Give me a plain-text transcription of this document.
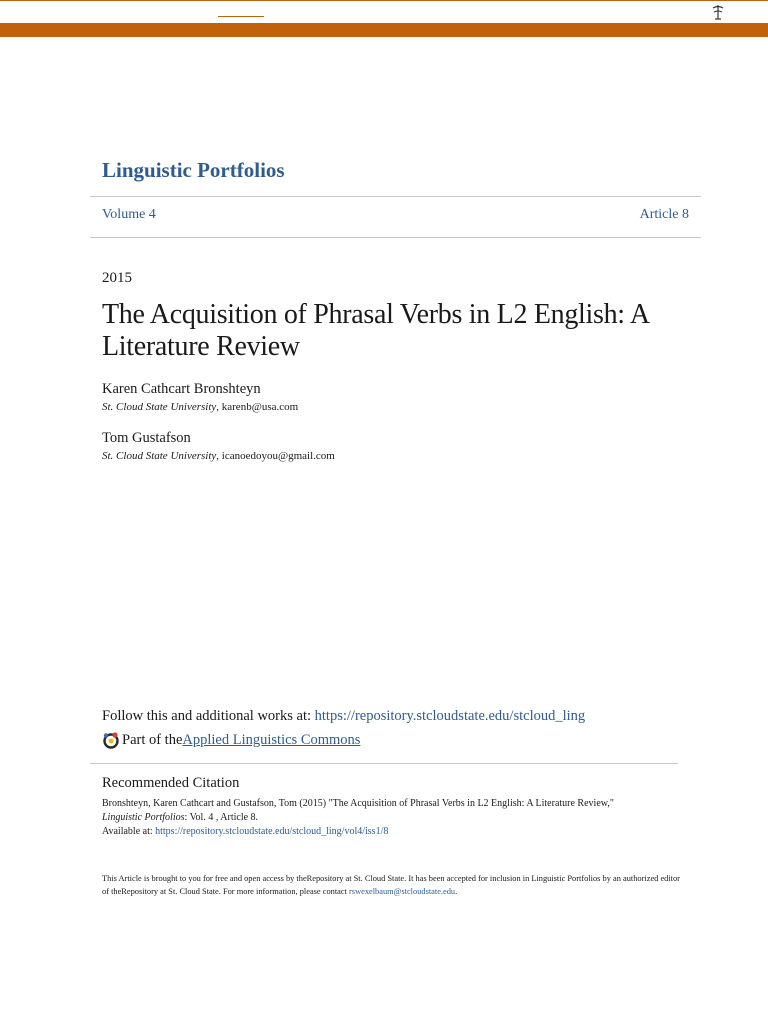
Linguistic Portfolios
Volume 4	Article 8
2015
The Acquisition of Phrasal Verbs in L2 English: A Literature Review
Karen Cathcart Bronshteyn
St. Cloud State University, karenb@usa.com
Tom Gustafson
St. Cloud State University, icanoedoyou@gmail.com
Follow this and additional works at: https://repository.stcloudstate.edu/stcloud_ling
Part of the Applied Linguistics Commons
Recommended Citation
Bronshteyn, Karen Cathcart and Gustafson, Tom (2015) "The Acquisition of Phrasal Verbs in L2 English: A Literature Review,"
Linguistic Portfolios: Vol. 4 , Article 8.
Available at: https://repository.stcloudstate.edu/stcloud_ling/vol4/iss1/8
This Article is brought to you for free and open access by theRepository at St. Cloud State. It has been accepted for inclusion in Linguistic Portfolios by an authorized editor of theRepository at St. Cloud State. For more information, please contact rswexelbaum@stcloudstate.edu.
